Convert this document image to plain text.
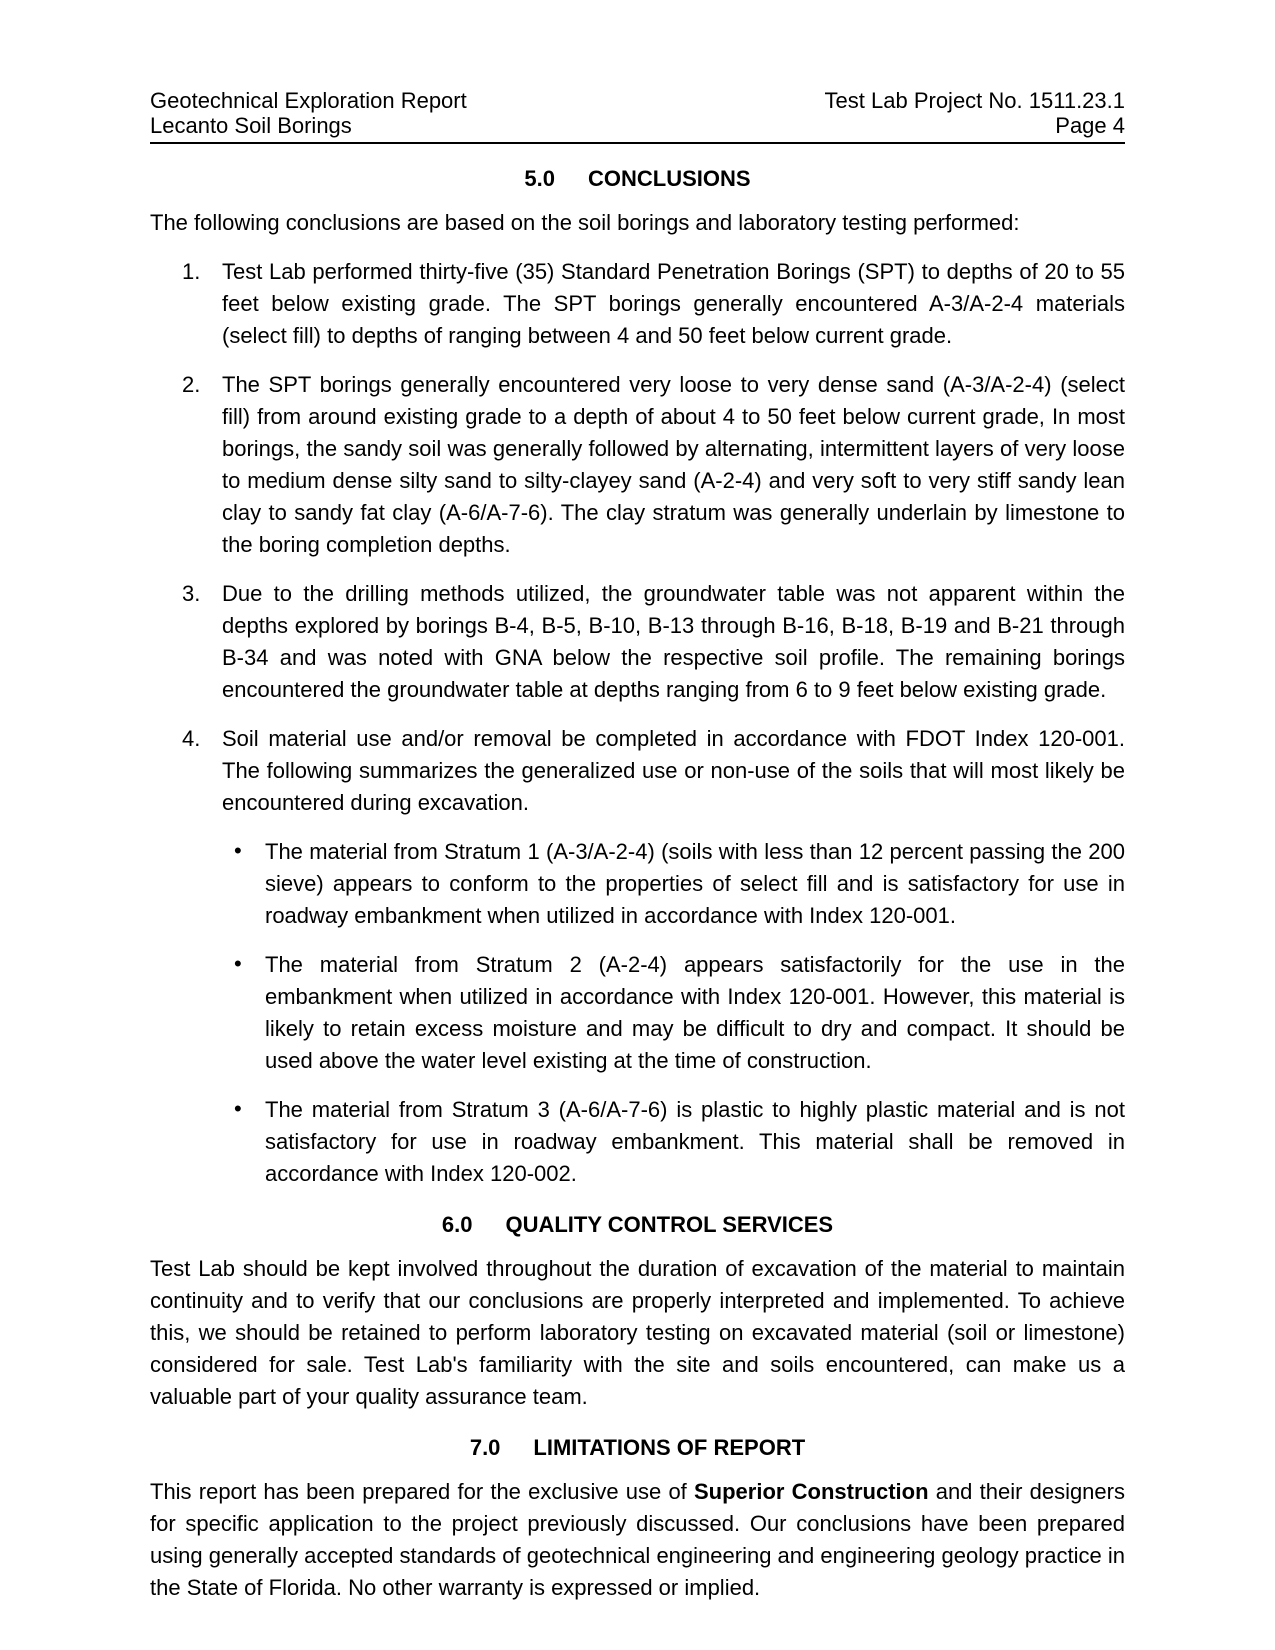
Geotechnical Exploration Report
Lecanto Soil Borings
Test Lab Project No. 1511.23.1
Page 4
5.0 CONCLUSIONS

The following conclusions are based on the soil borings and laboratory testing performed:

1. Test Lab performed thirty-five (35) Standard Penetration Borings (SPT) to depths of 20 to 55 feet below existing grade. The SPT borings generally encountered A-3/A-2-4 materials (select fill) to depths of ranging between 4 and 50 feet below current grade.
2. The SPT borings generally encountered very loose to very dense sand (A-3/A-2-4) (select fill) from around existing grade to a depth of about 4 to 50 feet below current grade, In most borings, the sandy soil was generally followed by alternating, intermittent layers of very loose to medium dense silty sand to silty-clayey sand (A-2-4) and very soft to very stiff sandy lean clay to sandy fat clay (A-6/A-7-6). The clay stratum was generally underlain by limestone to the boring completion depths.
3. Due to the drilling methods utilized, the groundwater table was not apparent within the depths explored by borings B-4, B-5, B-10, B-13 through B-16, B-18, B-19 and B-21 through B-34 and was noted with GNA below the respective soil profile. The remaining borings encountered the groundwater table at depths ranging from 6 to 9 feet below existing grade.
4. Soil material use and/or removal be completed in accordance with FDOT Index 120-001. The following summarizes the generalized use or non-use of the soils that will most likely be encountered during excavation.
• The material from Stratum 1 (A-3/A-2-4) (soils with less than 12 percent passing the 200 sieve) appears to conform to the properties of select fill and is satisfactory for use in roadway embankment when utilized in accordance with Index 120-001.
• The material from Stratum 2 (A-2-4) appears satisfactorily for the use in the embankment when utilized in accordance with Index 120-001. However, this material is likely to retain excess moisture and may be difficult to dry and compact. It should be used above the water level existing at the time of construction.
• The material from Stratum 3 (A-6/A-7-6) is plastic to highly plastic material and is not satisfactory for use in roadway embankment. This material shall be removed in accordance with Index 120-002.
6.0 QUALITY CONTROL SERVICES

Test Lab should be kept involved throughout the duration of excavation of the material to maintain continuity and to verify that our conclusions are properly interpreted and implemented. To achieve this, we should be retained to perform laboratory testing on excavated material (soil or limestone) considered for sale. Test Lab's familiarity with the site and soils encountered, can make us a valuable part of your quality assurance team.

7.0 LIMITATIONS OF REPORT

This report has been prepared for the exclusive use of Superior Construction and their designers for specific application to the project previously discussed. Our conclusions have been prepared using generally accepted standards of geotechnical engineering and engineering geology practice in the State of Florida. No other warranty is expressed or implied.
